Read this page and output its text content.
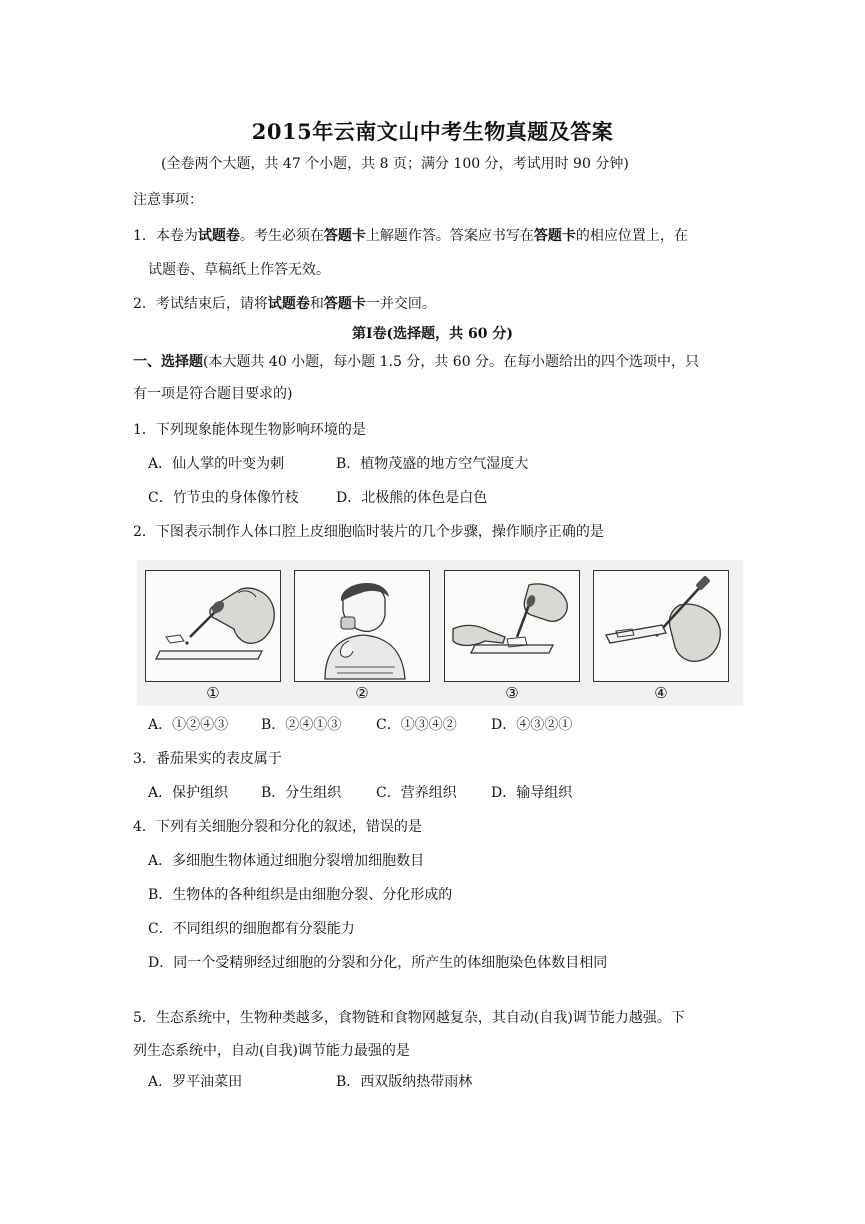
2015年云南文山中考生物真题及答案
(全卷两个大题，共 47 个小题，共 8 页；满分 100 分，考试用时 90 分钟)
注意事项：
1．本卷为试题卷。考生必须在答题卡上解题作答。答案应书写在答题卡的相应位置上，在
试题卷、草稿纸上作答无效。
2．考试结束后，请将试题卷和答题卡一并交回。
第Ⅰ卷(选择题，共 60 分)
一、选择题(本大题共 40 小题，每小题 1.5 分，共 60 分。在每小题给出的四个选项中，只
有一项是符合题目要求的)
1．下列现象能体现生物影响环境的是
A．仙人掌的叶变为刺	B．植物茂盛的地方空气湿度大
C．竹节虫的身体像竹枝	D．北极熊的体色是白色
2．下图表示制作人体口腔上皮细胞临时装片的几个步骤，操作顺序正确的是
①	②	③	④
A．①②④③ B．②④①③ C．①③④② D．④③②①
3．番茄果实的表皮属于
A．保护组织 B．分生组织 C．营养组织 D．输导组织
4．下列有关细胞分裂和分化的叙述，错误的是
A．多细胞生物体通过细胞分裂增加细胞数目
B．生物体的各种组织是由细胞分裂、分化形成的
C．不同组织的细胞都有分裂能力
D．同一个受精卵经过细胞的分裂和分化，所产生的体细胞染色体数目相同
5．生态系统中，生物种类越多，食物链和食物网越复杂，其自动(自我)调节能力越强。下
列生态系统中，自动(自我)调节能力最强的是
A．罗平油菜田	B．西双版纳热带雨林
